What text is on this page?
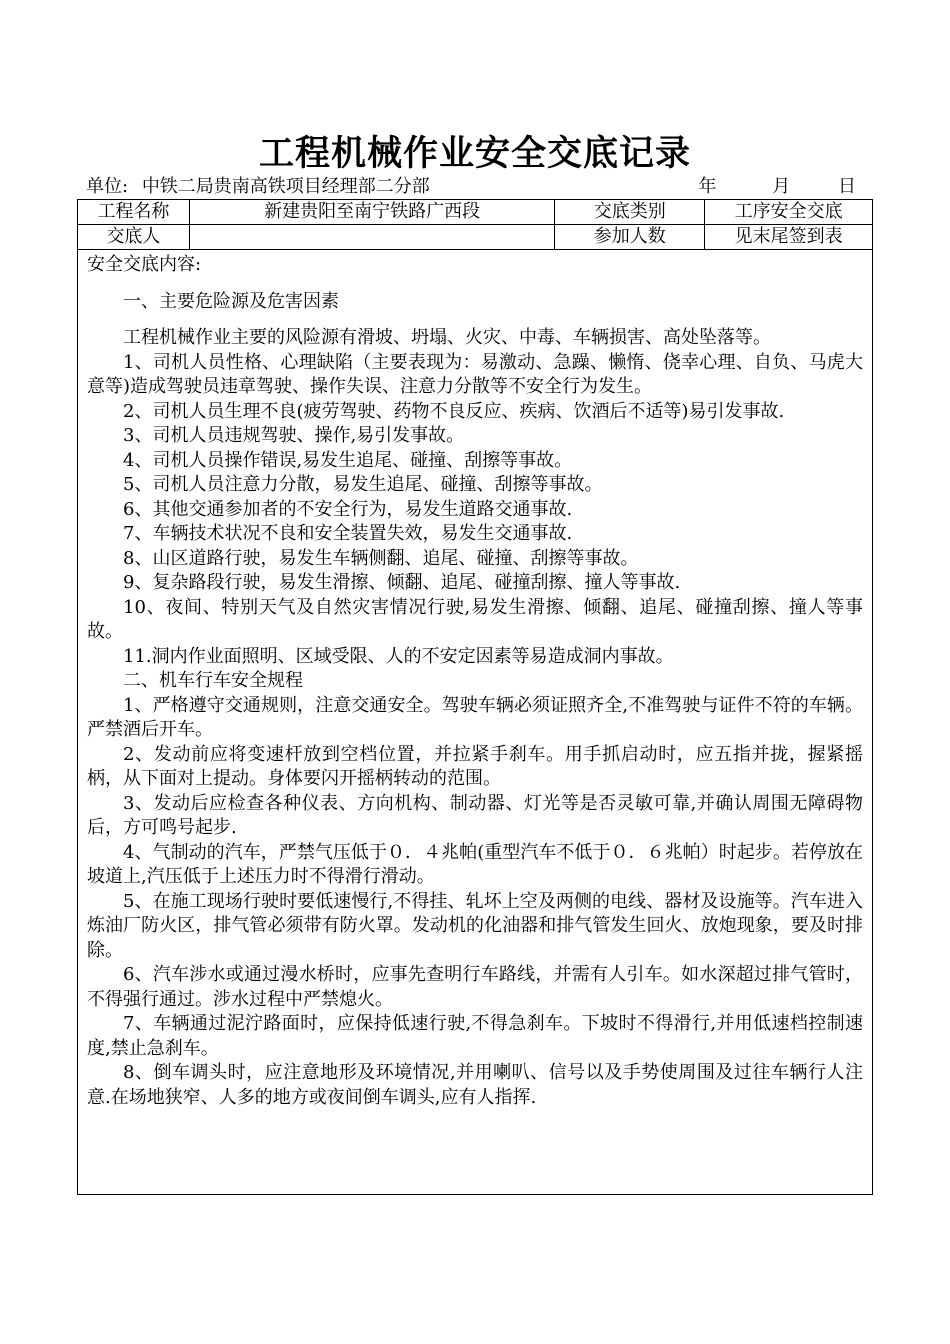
工程机械作业安全交底记录
单位: 中铁二局贵南高铁项目经理部二分部	年	月	日
工程名称	新建贵阳至南宁铁路广西段	交底类别	工序安全交底
交底人		参加人数	见末尾签到表

安全交底内容:

一、主要危险源及危害因素

工程机械作业主要的风险源有滑坡、坍塌、火灾、中毒、车辆损害、高处坠落等。

1、司机人员性格、心理缺陷（主要表现为：易激动、急躁、懒惰、侥幸心理、自负、马虎大意等)造成驾驶员违章驾驶、操作失误、注意力分散等不安全行为发生。

2、司机人员生理不良(疲劳驾驶、药物不良反应、疾病、饮酒后不适等)易引发事故.

3、司机人员违规驾驶、操作,易引发事故。

4、司机人员操作错误,易发生追尾、碰撞、刮擦等事故。

5、司机人员注意力分散，易发生追尾、碰撞、刮擦等事故。

6、其他交通参加者的不安全行为，易发生道路交通事故.

7、车辆技术状况不良和安全装置失效，易发生交通事故.

8、山区道路行驶，易发生车辆侧翻、追尾、碰撞、刮擦等事故。

9、复杂路段行驶，易发生滑擦、倾翻、追尾、碰撞刮擦、撞人等事故.

10、夜间、特别天气及自然灾害情况行驶,易发生滑擦、倾翻、追尾、碰撞刮擦、撞人等事故。

11.洞内作业面照明、区域受限、人的不安定因素等易造成洞内事故。

二、机车行车安全规程

1、严格遵守交通规则，注意交通安全。驾驶车辆必须证照齐全,不准驾驶与证件不符的车辆。严禁酒后开车。

2、发动前应将变速杆放到空档位置，并拉紧手刹车。用手抓启动时，应五指并拢，握紧摇柄，从下面对上提动。身体要闪开摇柄转动的范围。

3、发动后应检查各种仪表、方向机构、制动器、灯光等是否灵敏可靠,并确认周围无障碍物后，方可鸣号起步.

4、气制动的汽车，严禁气压低于０．４兆帕(重型汽车不低于０．６兆帕）时起步。若停放在坡道上,汽压低于上述压力时不得滑行滑动。

5、在施工现场行驶时要低速慢行,不得挂、轧坏上空及两侧的电线、器材及设施等。汽车进入炼油厂防火区，排气管必须带有防火罩。发动机的化油器和排气管发生回火、放炮现象，要及时排除。

6、汽车涉水或通过漫水桥时，应事先查明行车路线，并需有人引车。如水深超过排气管时，不得强行通过。涉水过程中严禁熄火。

7、车辆通过泥泞路面时，应保持低速行驶,不得急刹车。下坡时不得滑行,并用低速档控制速度,禁止急刹车。

8、倒车调头时，应注意地形及环境情况,并用喇叭、信号以及手势使周围及过往车辆行人注意.在场地狭窄、人多的地方或夜间倒车调头,应有人指挥.
